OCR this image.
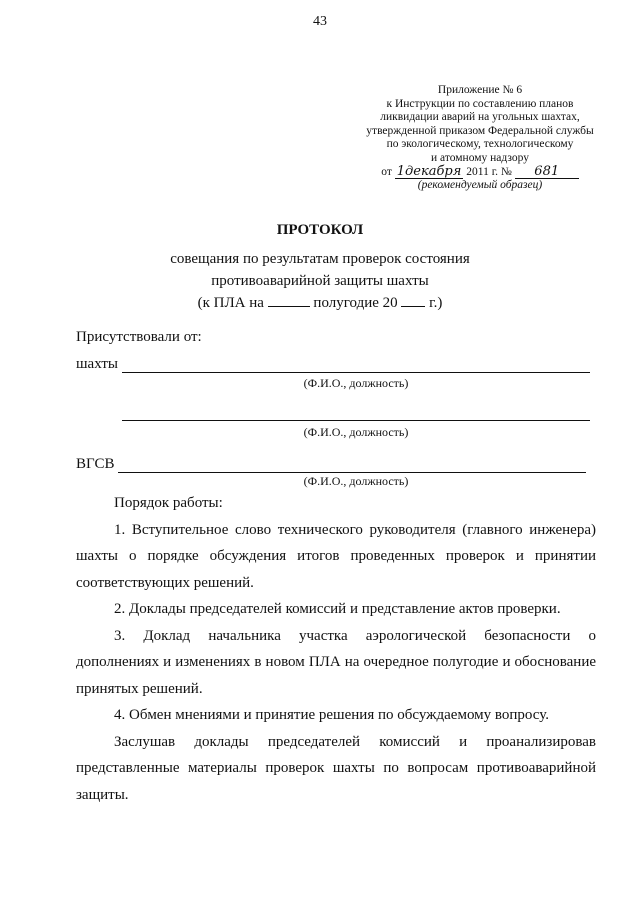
43
Приложение № 6
к Инструкции по составлению планов
ликвидации аварий на угольных шахтах,
утвержденной приказом Федеральной службы
по экологическому, технологическому
и атомному надзору
от 1декабря 2011 г. № 681
(рекомендуемый образец)
ПРОТОКОЛ
совещания по результатам проверок состояния
противоаварийной защиты шахты
(к ПЛА на	полугодие 20 г.)
Присутствовали от:
шахты
(Ф.И.О., должность)
(Ф.И.О., должность)
ВГСВ
(Ф.И.О., должность)

Порядок работы:

1. Вступительное слово технического руководителя (главного инженера) шахты о порядке обсуждения итогов проведенных проверок и принятии соответствующих решений.

2. Доклады председателей комиссий и представление актов проверки.

3. Доклад начальника участка аэрологической безопасности о дополнениях и изменениях в новом ПЛА на очередное полугодие и обоснование принятых решений.

4. Обмен мнениями и принятие решения по обсуждаемому вопросу.

Заслушав доклады председателей комиссий и проанализировав представленные материалы проверок шахты по вопросам противоаварийной защиты.
